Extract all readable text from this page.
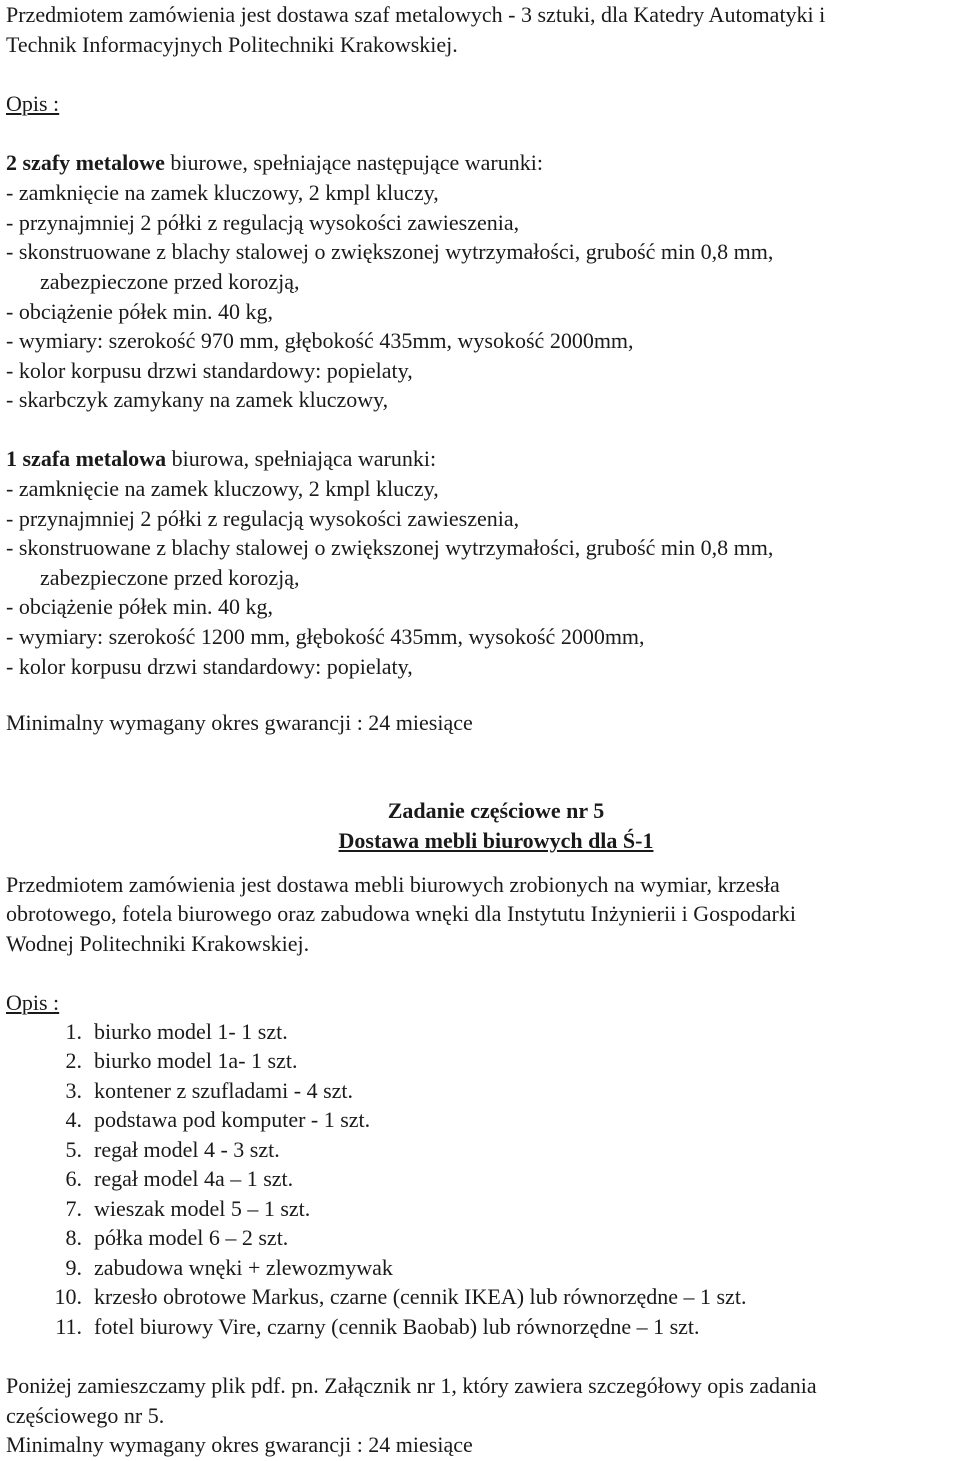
Przedmiotem zamówienia jest dostawa szaf metalowych - 3 sztuki, dla Katedry Automatyki i
Technik Informacyjnych Politechniki Krakowskiej.
Opis :
2 szafy metalowe biurowe, spełniające następujące warunki:
- zamknięcie na zamek kluczowy, 2 kmpl kluczy,
- przynajmniej 2 półki z regulacją wysokości zawieszenia,
- skonstruowane z blachy stalowej o zwiększonej wytrzymałości, grubość min 0,8 mm,
zabezpieczone przed korozją,
- obciążenie półek min. 40 kg,
- wymiary: szerokość 970 mm, głębokość 435mm, wysokość 2000mm,
- kolor korpusu drzwi standardowy: popielaty,
- skarbczyk zamykany na zamek kluczowy,
1 szafa metalowa biurowa, spełniająca warunki:
- zamknięcie na zamek kluczowy, 2 kmpl kluczy,
- przynajmniej 2 półki z regulacją wysokości zawieszenia,
- skonstruowane z blachy stalowej o zwiększonej wytrzymałości, grubość min 0,8 mm,
zabezpieczone przed korozją,
- obciążenie półek min. 40 kg,
- wymiary: szerokość 1200 mm, głębokość 435mm, wysokość 2000mm,
- kolor korpusu drzwi standardowy: popielaty,
Minimalny wymagany okres gwarancji : 24 miesiące
Zadanie częściowe nr 5
Dostawa mebli biurowych dla Ś-1
Przedmiotem zamówienia jest dostawa mebli biurowych zrobionych na wymiar, krzesła
obrotowego, fotela biurowego oraz zabudowa wnęki dla Instytutu Inżynierii i Gospodarki
Wodnej Politechniki Krakowskiej.
Opis :
1. biurko model 1- 1 szt.
2. biurko model 1a- 1 szt.
3. kontener z szufladami - 4 szt.
4. podstawa pod komputer - 1 szt.
5. regał model 4 - 3 szt.
6. regał model 4a – 1 szt.
7. wieszak model 5 – 1 szt.
8. półka model 6 – 2 szt.
9. zabudowa wnęki + zlewozmywak
10. krzesło obrotowe Markus, czarne (cennik IKEA) lub równorzędne – 1 szt.
11. fotel biurowy Vire, czarny (cennik Baobab) lub równorzędne – 1 szt.
Poniżej zamieszczamy plik pdf. pn. Załącznik nr 1, który zawiera szczegółowy opis zadania
częściowego nr 5.
Minimalny wymagany okres gwarancji : 24 miesiące
